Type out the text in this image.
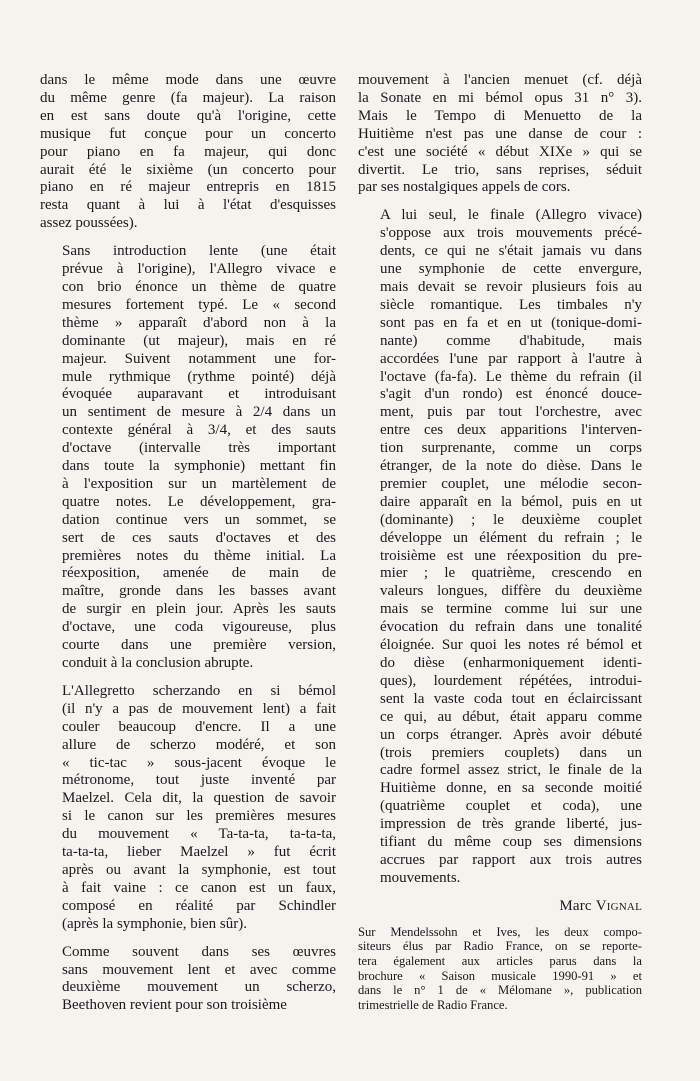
dans le même mode dans une œuvre
du même genre (fa majeur). La raison
en est sans doute qu'à l'origine, cette
musique fut conçue pour un concerto
pour piano en fa majeur, qui donc
aurait été le sixième (un concerto pour
piano en ré majeur entrepris en 1815
resta quant à lui à l'état d'esquisses
assez poussées).

Sans introduction lente (une était
prévue à l'origine), l'Allegro vivace e
con brio énonce un thème de quatre
mesures fortement typé. Le « second
thème » apparaît d'abord non à la
dominante (ut majeur), mais en ré
majeur. Suivent notamment une for-
mule rythmique (rythme pointé) déjà
évoquée auparavant et introduisant
un sentiment de mesure à 2/4 dans un
contexte général à 3/4, et des sauts
d'octave (intervalle très important
dans toute la symphonie) mettant fin
à l'exposition sur un martèlement de
quatre notes. Le développement, gra-
dation continue vers un sommet, se
sert de ces sauts d'octaves et des
premières notes du thème initial. La
réexposition, amenée de main de
maître, gronde dans les basses avant
de surgir en plein jour. Après les sauts
d'octave, une coda vigoureuse, plus
courte dans une première version,
conduit à la conclusion abrupte.

L'Allegretto scherzando en si bémol
(il n'y a pas de mouvement lent) a fait
couler beaucoup d'encre. Il a une
allure de scherzo modéré, et son
« tic-tac » sous-jacent évoque le
métronome, tout juste inventé par
Maelzel. Cela dit, la question de savoir
si le canon sur les premières mesures
du mouvement « Ta-ta-ta, ta-ta-ta,
ta-ta-ta, lieber Maelzel » fut écrit
après ou avant la symphonie, est tout
à fait vaine : ce canon est un faux,
composé en réalité par Schindler
(après la symphonie, bien sûr).

Comme souvent dans ses œuvres
sans mouvement lent et avec comme
deuxième mouvement un scherzo,
Beethoven revient pour son troisième

mouvement à l'ancien menuet (cf. déjà
la Sonate en mi bémol opus 31 n° 3).
Mais le Tempo di Menuetto de la
Huitième n'est pas une danse de cour :
c'est une société « début XIXe » qui se
divertit. Le trio, sans reprises, séduit
par ses nostalgiques appels de cors.

A lui seul, le finale (Allegro vivace)
s'oppose aux trois mouvements précé-
dents, ce qui ne s'était jamais vu dans
une symphonie de cette envergure,
mais devait se revoir plusieurs fois au
siècle romantique. Les timbales n'y
sont pas en fa et en ut (tonique-domi-
nante) comme d'habitude, mais
accordées l'une par rapport à l'autre à
l'octave (fa-fa). Le thème du refrain (il
s'agit d'un rondo) est énoncé douce-
ment, puis par tout l'orchestre, avec
entre ces deux apparitions l'interven-
tion surprenante, comme un corps
étranger, de la note do dièse. Dans le
premier couplet, une mélodie secon-
daire apparaît en la bémol, puis en ut
(dominante) ; le deuxième couplet
développe un élément du refrain ; le
troisième est une réexposition du pre-
mier ; le quatrième, crescendo en
valeurs longues, diffère du deuxième
mais se termine comme lui sur une
évocation du refrain dans une tonalité
éloignée. Sur quoi les notes ré bémol et
do dièse (enharmoniquement identi-
ques), lourdement répétées, introdui-
sent la vaste coda tout en éclaircissant
ce qui, au début, était apparu comme
un corps étranger. Après avoir débuté
(trois premiers couplets) dans un
cadre formel assez strict, le finale de la
Huitième donne, en sa seconde moitié
(quatrième couplet et coda), une
impression de très grande liberté, jus-
tifiant du même coup ses dimensions
accrues par rapport aux trois autres
mouvements.

Marc Vignal
Sur Mendelssohn et Ives, les deux compo-
siteurs élus par Radio France, on se reporte-
tera également aux articles parus dans la
brochure « Saison musicale 1990-91 » et
dans le n° 1 de « Mélomane », publication
trimestrielle de Radio France.
